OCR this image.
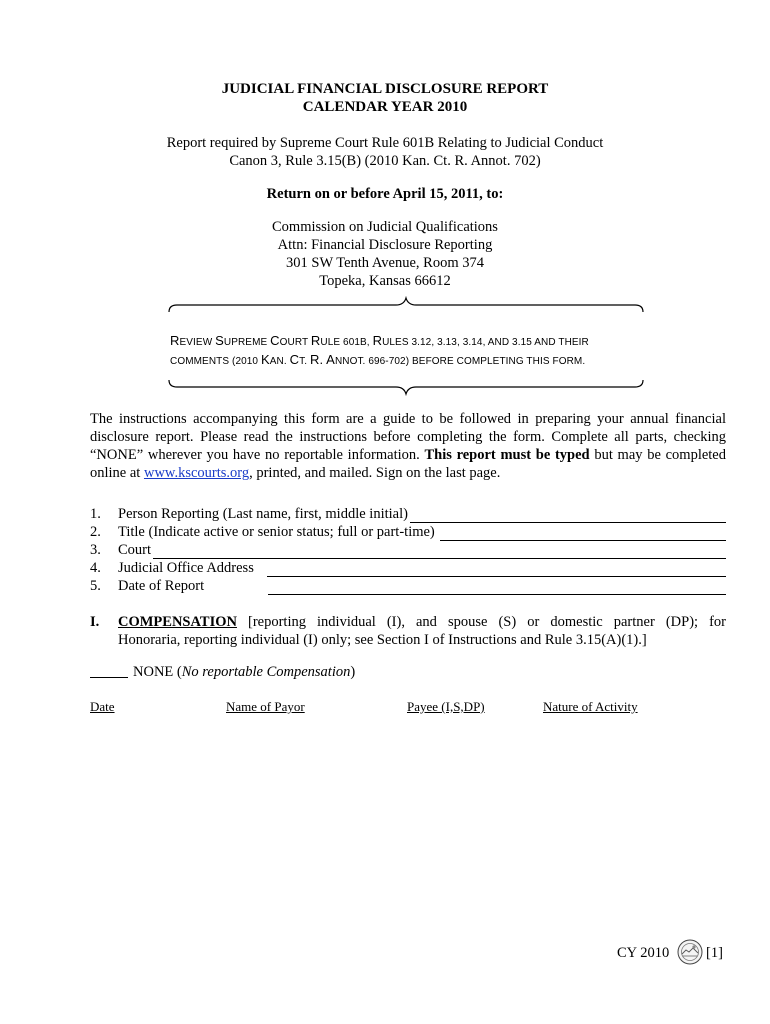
JUDICIAL FINANCIAL DISCLOSURE REPORT
CALENDAR YEAR 2010
Report required by Supreme Court Rule 601B Relating to Judicial Conduct
Canon 3, Rule 3.15(B) (2010 Kan. Ct. R. Annot. 702)
Return on or before April 15, 2011, to:
Commission on Judicial Qualifications
Attn: Financial Disclosure Reporting
301 SW Tenth Avenue, Room 374
Topeka, Kansas 66612
REVIEW SUPREME COURT RULE 601B, RULES 3.12, 3.13, 3.14, AND 3.15 AND THEIR
COMMENTS (2010 KAN. CT. R. ANNOT. 696-702) BEFORE COMPLETING THIS FORM.
The instructions accompanying this form are a guide to be followed in preparing your annual financial disclosure report. Please read the instructions before completing the form. Complete all parts, checking “NONE” wherever you have no reportable information. This report must be typed but may be completed online at www.kscourts.org, printed, and mailed. Sign on the last page.
1.	Person Reporting (Last name, first, middle initial)
2.	Title (Indicate active or senior status; full or part-time)
3.	Court
4.	Judicial Office Address
5.	Date of Report
I. COMPENSATION [reporting individual (I), and spouse (S) or domestic partner (DP); for
Honoraria, reporting individual (I) only; see Section I of Instructions and Rule 3.15(A)(1).]
NONE (No reportable Compensation)
Date	Name of Payor	Payee (I,S,DP)	Nature of Activity
CY 2010	[1]
